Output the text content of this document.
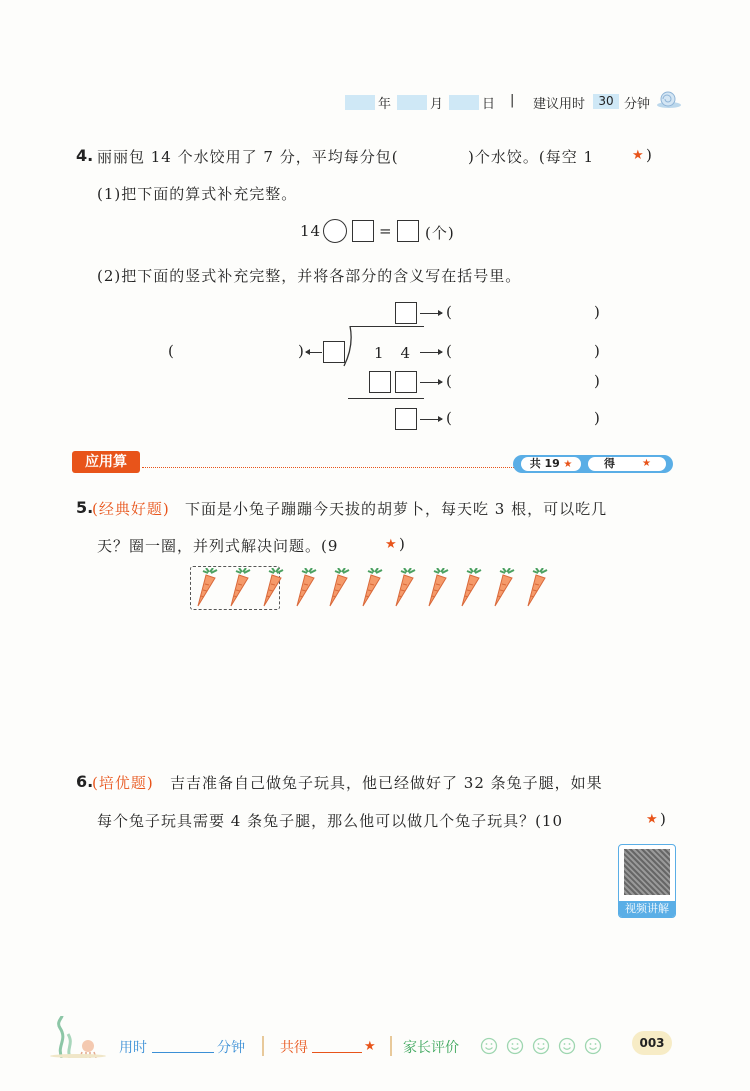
年	月	日 | 建议用时	30 分钟
4. 丽丽包 14 个水饺用了 7 分，平均每分包(	)个水饺。(每空 1	★ )
(1)把下面的算式补充完整。
14	= (个)
(2)把下面的竖式补充完整，并将各部分的含义写在括号里。
(	)
(	)	1　4 (	)
(	)
(	)
应用算	共 19 ★	得	★
5.
(经典好题) 下面是小兔子蹦蹦今天拔的胡萝卜，每天吃 3 根，可以吃几
天？圈一圈，并列式解决问题。(9	★ )
6.
(培优题) 吉吉准备自己做兔子玩具，他已经做好了 32 条兔子腿，如果
每个兔子玩具需要 4 条兔子腿，那么他可以做几个兔子玩具？(10	★ )
视频讲解
用时	分钟	共得	★ 家长评价	003
